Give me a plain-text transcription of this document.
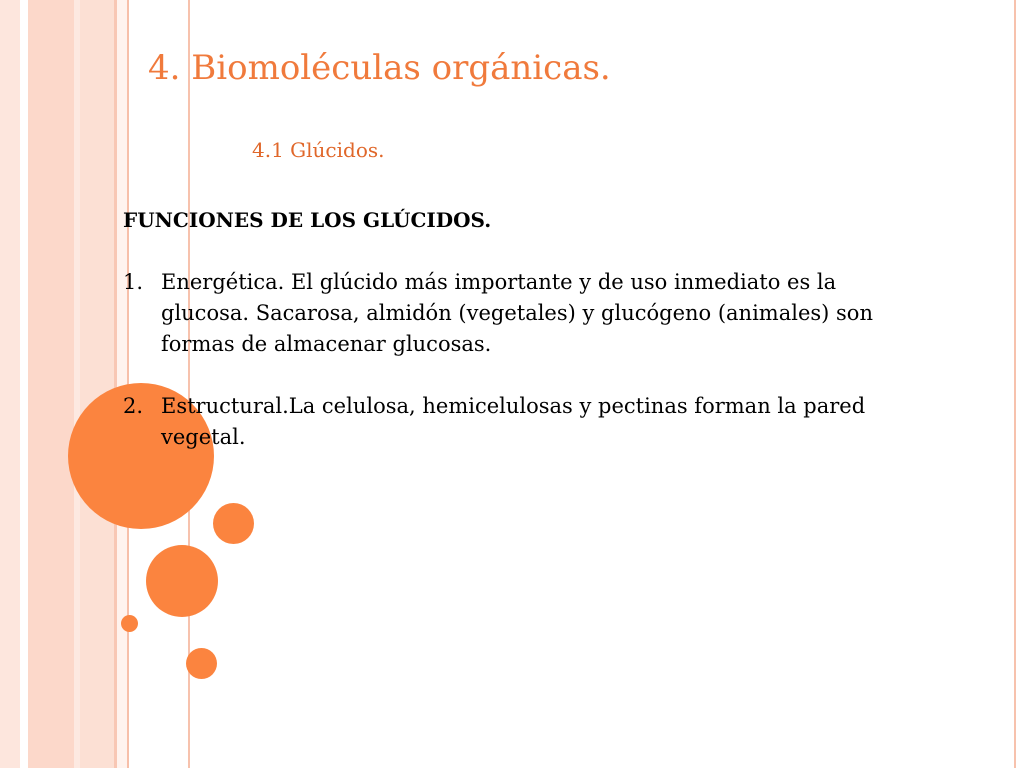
4. Biomoléculas orgánicas.
4.1 Glúcidos.
FUNCIONES DE LOS GLÚCIDOS.
1. Energética. El glúcido más importante y de uso inmediato es la glucosa. Sacarosa, almidón (vegetales) y glucógeno (animales) son formas de almacenar glucosas.
2. Estructural.La celulosa, hemicelulosas y pectinas forman la pared vegetal.
